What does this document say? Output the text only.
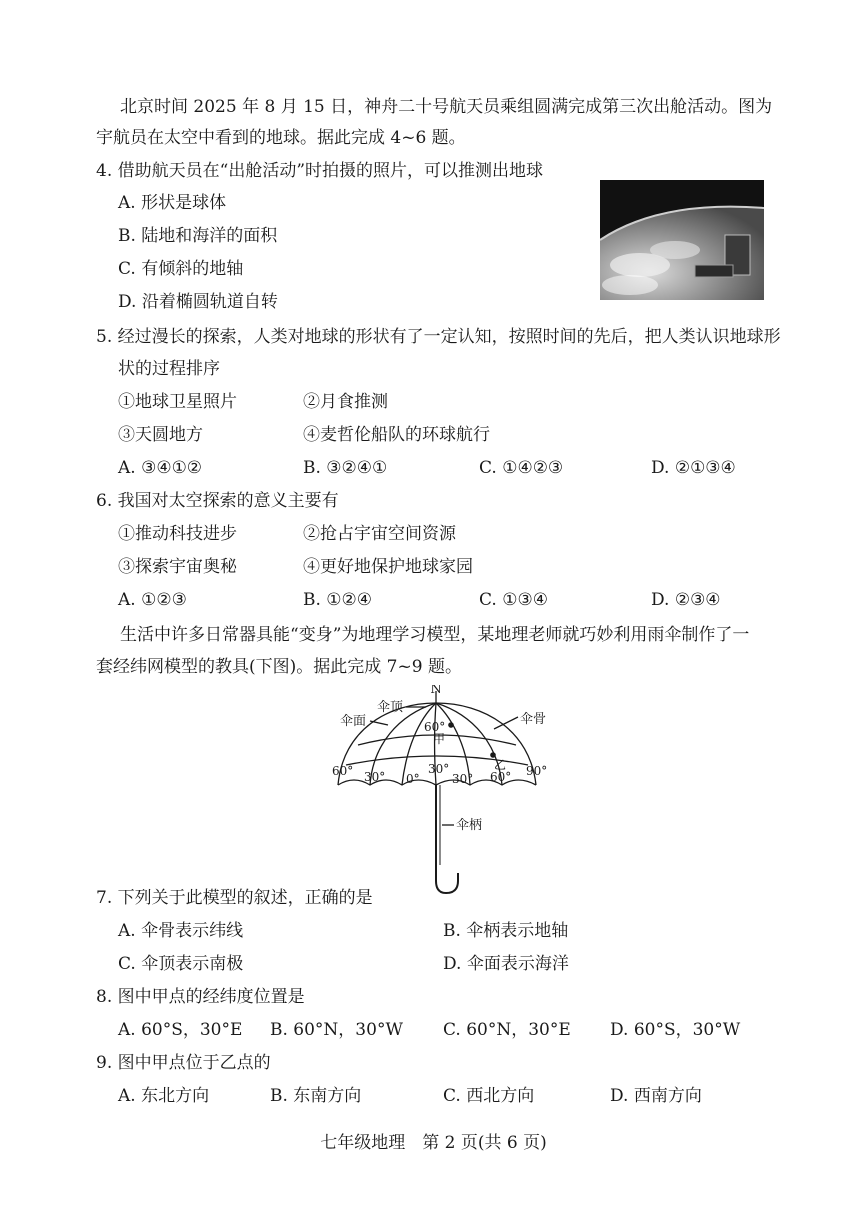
北京时间 2025 年 8 月 15 日，神舟二十号航天员乘组圆满完成第三次出舱活动。图为
宇航员在太空中看到的地球。据此完成 4~6 题。
4. 借助航天员在“出舱活动”时拍摄的照片，可以推测出地球
A. 形状是球体
B. 陆地和海洋的面积
C. 有倾斜的地轴
D. 沿着椭圆轨道自转
5. 经过漫长的探索，人类对地球的形状有了一定认知，按照时间的先后，把人类认识地球形
状的过程排序
①地球卫星照片	②月食推测
③天圆地方	④麦哲伦船队的环球航行
A. ③④①②	B. ③②④①	C. ①④②③	D. ②①③④
6. 我国对太空探索的意义主要有
①推动科技进步	②抢占宇宙空间资源
③探索宇宙奥秘	④更好地保护地球家园
A. ①②③	B. ①②④	C. ①③④	D. ②③④
生活中许多日常器具能“变身”为地理学习模型，某地理老师就巧妙利用雨伞制作了一
套经纬网模型的教具(下图)。据此完成 7~9 题。
N
伞顶
伞面	伞骨
伞柄
60°
甲
乙
60° 30° 0°
30°
30° 60° 90°
7. 下列关于此模型的叙述，正确的是
A. 伞骨表示纬线	B. 伞柄表示地轴
C. 伞顶表示南极	D. 伞面表示海洋
8. 图中甲点的经纬度位置是
A. 60°S，30°E B. 60°N，30°W C. 60°N，30°E D. 60°S，30°W
9. 图中甲点位于乙点的
A. 东北方向	B. 东南方向	C. 西北方向	D. 西南方向
七年级地理　第 2 页(共 6 页)
